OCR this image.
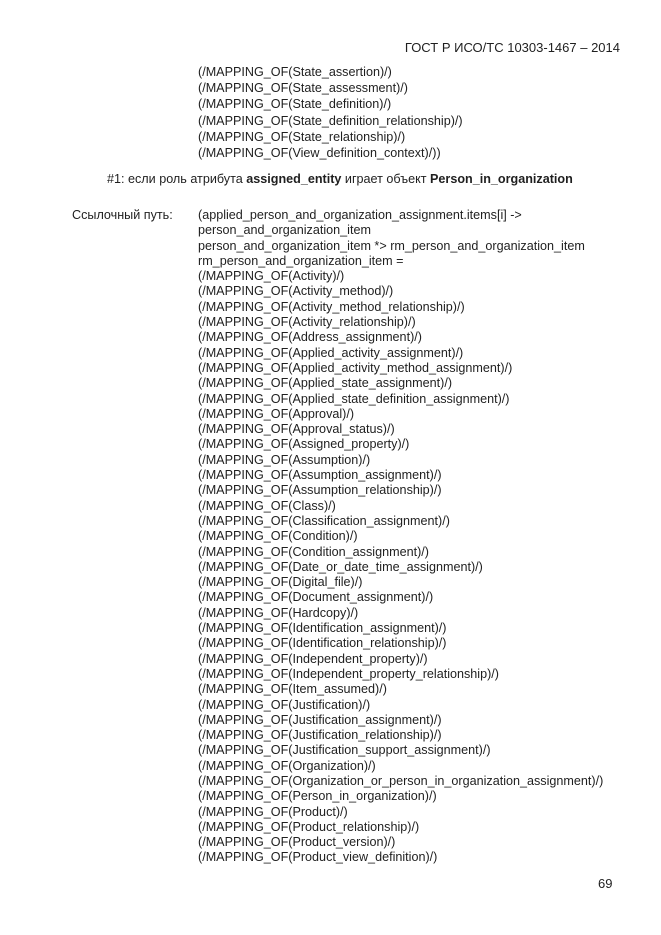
ГОСТ Р ИСО/ТС 10303-1467 – 2014
(/MAPPING_OF(State_assertion)/)
(/MAPPING_OF(State_assessment)/)
(/MAPPING_OF(State_definition)/)
(/MAPPING_OF(State_definition_relationship)/)
(/MAPPING_OF(State_relationship)/)
(/MAPPING_OF(View_definition_context)/))
#1: если роль атрибута assigned_entity играет объект Person_in_organization
Ссылочный путь: (applied_person_and_organization_assignment.items[i] ->
person_and_organization_item
person_and_organization_item *> rm_person_and_organization_item
rm_person_and_organization_item =
(/MAPPING_OF(Activity)/)
(/MAPPING_OF(Activity_method)/)
(/MAPPING_OF(Activity_method_relationship)/)
(/MAPPING_OF(Activity_relationship)/)
(/MAPPING_OF(Address_assignment)/)
(/MAPPING_OF(Applied_activity_assignment)/)
(/MAPPING_OF(Applied_activity_method_assignment)/)
(/MAPPING_OF(Applied_state_assignment)/)
(/MAPPING_OF(Applied_state_definition_assignment)/)
(/MAPPING_OF(Approval)/)
(/MAPPING_OF(Approval_status)/)
(/MAPPING_OF(Assigned_property)/)
(/MAPPING_OF(Assumption)/)
(/MAPPING_OF(Assumption_assignment)/)
(/MAPPING_OF(Assumption_relationship)/)
(/MAPPING_OF(Class)/)
(/MAPPING_OF(Classification_assignment)/)
(/MAPPING_OF(Condition)/)
(/MAPPING_OF(Condition_assignment)/)
(/MAPPING_OF(Date_or_date_time_assignment)/)
(/MAPPING_OF(Digital_file)/)
(/MAPPING_OF(Document_assignment)/)
(/MAPPING_OF(Hardcopy)/)
(/MAPPING_OF(Identification_assignment)/)
(/MAPPING_OF(Identification_relationship)/)
(/MAPPING_OF(Independent_property)/)
(/MAPPING_OF(Independent_property_relationship)/)
(/MAPPING_OF(Item_assumed)/)
(/MAPPING_OF(Justification)/)
(/MAPPING_OF(Justification_assignment)/)
(/MAPPING_OF(Justification_relationship)/)
(/MAPPING_OF(Justification_support_assignment)/)
(/MAPPING_OF(Organization)/)
(/MAPPING_OF(Organization_or_person_in_organization_assignment)/)
(/MAPPING_OF(Person_in_organization)/)
(/MAPPING_OF(Product)/)
(/MAPPING_OF(Product_relationship)/)
(/MAPPING_OF(Product_version)/)
(/MAPPING_OF(Product_view_definition)/)
69
